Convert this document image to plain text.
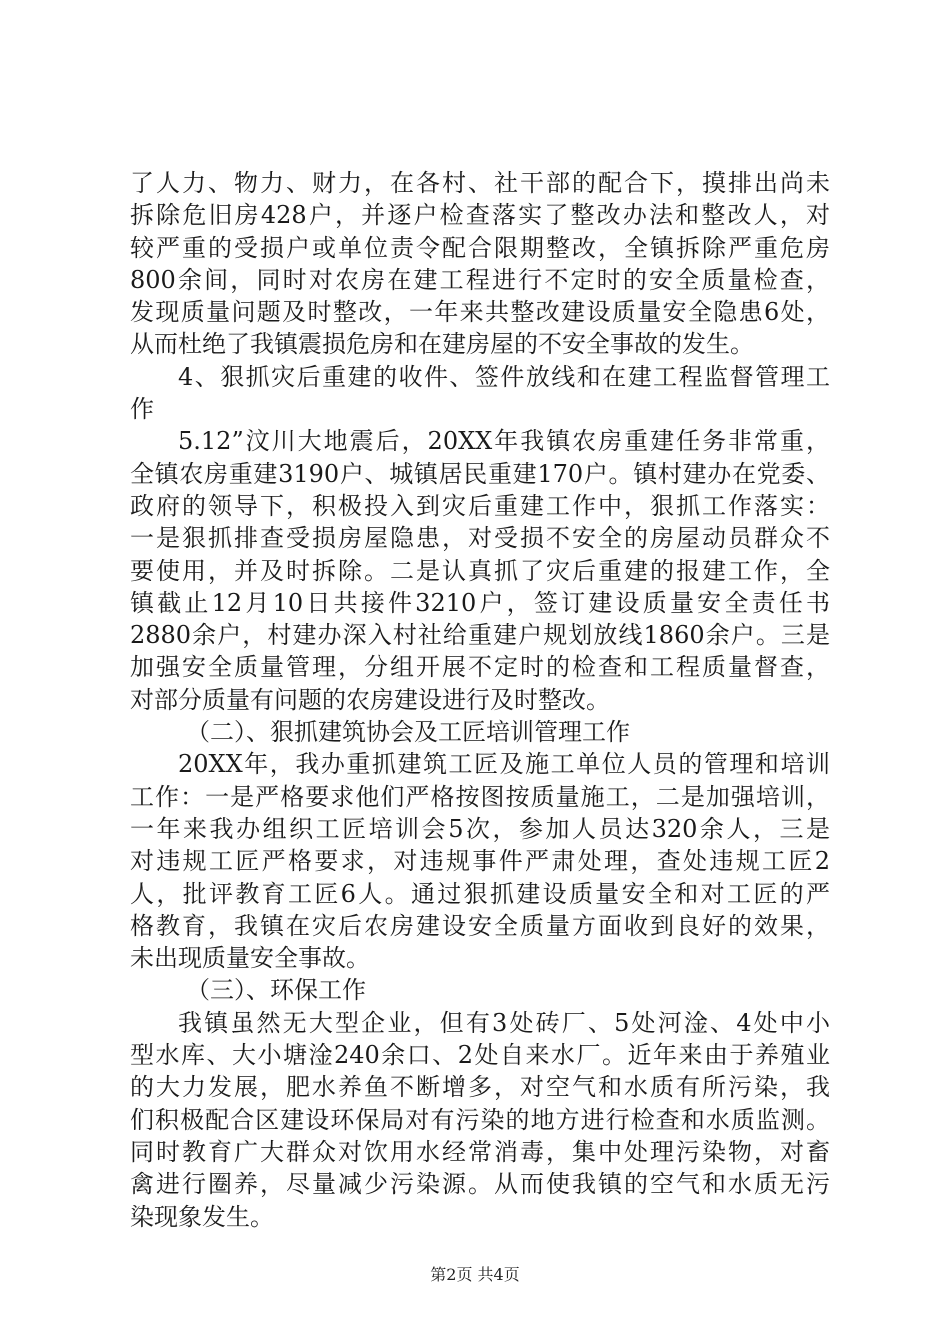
了人力、物力、财力，在各村、社干部的配合下，摸排出尚未
拆除危旧房428户，并逐户检查落实了整改办法和整改人，对
较严重的受损户或单位责令配合限期整改，全镇拆除严重危房
800余间，同时对农房在建工程进行不定时的安全质量检查，
发现质量问题及时整改，一年来共整改建设质量安全隐患6处，
从而杜绝了我镇震损危房和在建房屋的不安全事故的发生。
4、狠抓灾后重建的收件、签件放线和在建工程监督管理工
作
5.12”汶川大地震后，20XX年我镇农房重建任务非常重，
全镇农房重建3190户、城镇居民重建170户。镇村建办在党委、
政府的领导下，积极投入到灾后重建工作中，狠抓工作落实：
一是狠抓排查受损房屋隐患，对受损不安全的房屋动员群众不
要使用，并及时拆除。二是认真抓了灾后重建的报建工作，全
镇截止12月10日共接件3210户，签订建设质量安全责任书
2880余户，村建办深入村社给重建户规划放线1860余户。三是
加强安全质量管理，分组开展不定时的检查和工程质量督查，
对部分质量有问题的农房建设进行及时整改。
（二）、狠抓建筑协会及工匠培训管理工作
20XX年，我办重抓建筑工匠及施工单位人员的管理和培训
工作：一是严格要求他们严格按图按质量施工，二是加强培训，
一年来我办组织工匠培训会5次，参加人员达320余人，三是
对违规工匠严格要求，对违规事件严肃处理，查处违规工匠2
人，批评教育工匠6人。通过狠抓建设质量安全和对工匠的严
格教育，我镇在灾后农房建设安全质量方面收到良好的效果，
未出现质量安全事故。
（三）、环保工作
我镇虽然无大型企业，但有3处砖厂、5处河淦、4处中小
型水库、大小塘淦240余口、2处自来水厂。近年来由于养殖业
的大力发展，肥水养鱼不断增多，对空气和水质有所污染，我
们积极配合区建设环保局对有污染的地方进行检查和水质监测。
同时教育广大群众对饮用水经常消毒，集中处理污染物，对畜
禽进行圈养，尽量减少污染源。从而使我镇的空气和水质无污
染现象发生。
第2页 共4页
